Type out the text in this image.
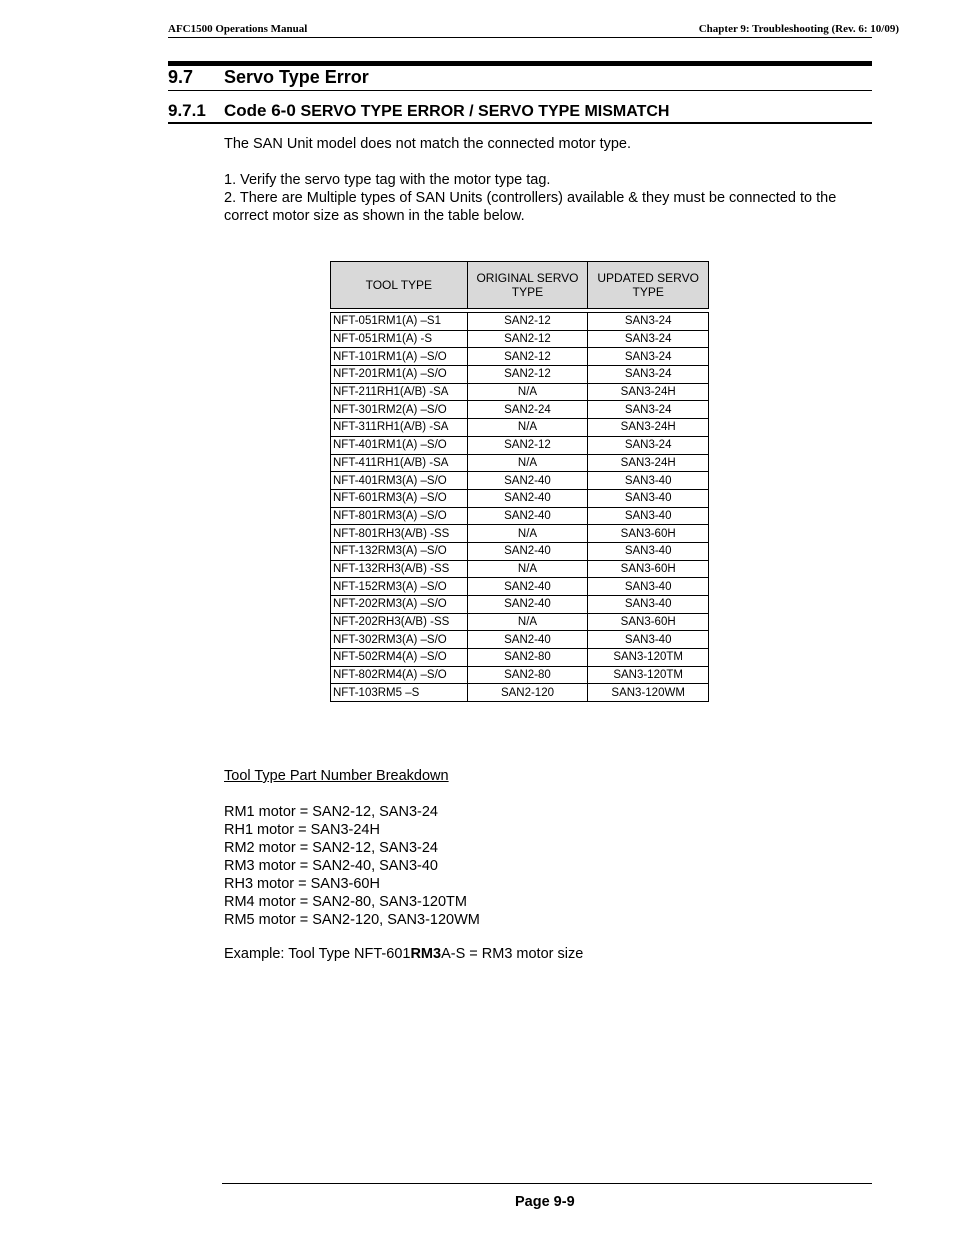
AFC1500 Operations Manual	Chapter 9: Troubleshooting (Rev. 6: 10/09)
9.7 Servo Type Error
9.7.1 Code 6-0 SERVO TYPE ERROR / SERVO TYPE MISMATCH
The SAN Unit model does not match the connected motor type.
1. Verify the servo type tag with the motor type tag.
2. There are Multiple types of SAN Units (controllers) available & they must be connected to the correct motor size as shown in the table below.
TOOL TYPE	ORIGINAL SERVO TYPE	UPDATED SERVO TYPE

NFT-051RM1(A) –S1	SAN2-12	SAN3-24
NFT-051RM1(A) -S	SAN2-12	SAN3-24
NFT-101RM1(A) –S/O	SAN2-12	SAN3-24
NFT-201RM1(A) –S/O	SAN2-12	SAN3-24
NFT-211RH1(A/B) -SA	N/A	SAN3-24H
NFT-301RM2(A) –S/O	SAN2-24	SAN3-24
NFT-311RH1(A/B) -SA	N/A	SAN3-24H
NFT-401RM1(A) –S/O	SAN2-12	SAN3-24
NFT-411RH1(A/B) -SA	N/A	SAN3-24H
NFT-401RM3(A) –S/O	SAN2-40	SAN3-40
NFT-601RM3(A) –S/O	SAN2-40	SAN3-40
NFT-801RM3(A) –S/O	SAN2-40	SAN3-40
NFT-801RH3(A/B) -SS	N/A	SAN3-60H
NFT-132RM3(A) –S/O	SAN2-40	SAN3-40
NFT-132RH3(A/B) -SS	N/A	SAN3-60H
NFT-152RM3(A) –S/O	SAN2-40	SAN3-40
NFT-202RM3(A) –S/O	SAN2-40	SAN3-40
NFT-202RH3(A/B) -SS	N/A	SAN3-60H
NFT-302RM3(A) –S/O	SAN2-40	SAN3-40
NFT-502RM4(A) –S/O	SAN2-80	SAN3-120TM
NFT-802RM4(A) –S/O	SAN2-80	SAN3-120TM
NFT-103RM5 –S	SAN2-120	SAN3-120WM
Tool Type Part Number Breakdown
RM1 motor = SAN2-12, SAN3-24
RH1 motor = SAN3-24H
RM2 motor = SAN2-12, SAN3-24
RM3 motor = SAN2-40, SAN3-40
RH3 motor = SAN3-60H
RM4 motor = SAN2-80, SAN3-120TM
RM5 motor = SAN2-120, SAN3-120WM
Example: Tool Type NFT-601RM3A-S = RM3 motor size
Page 9-9
